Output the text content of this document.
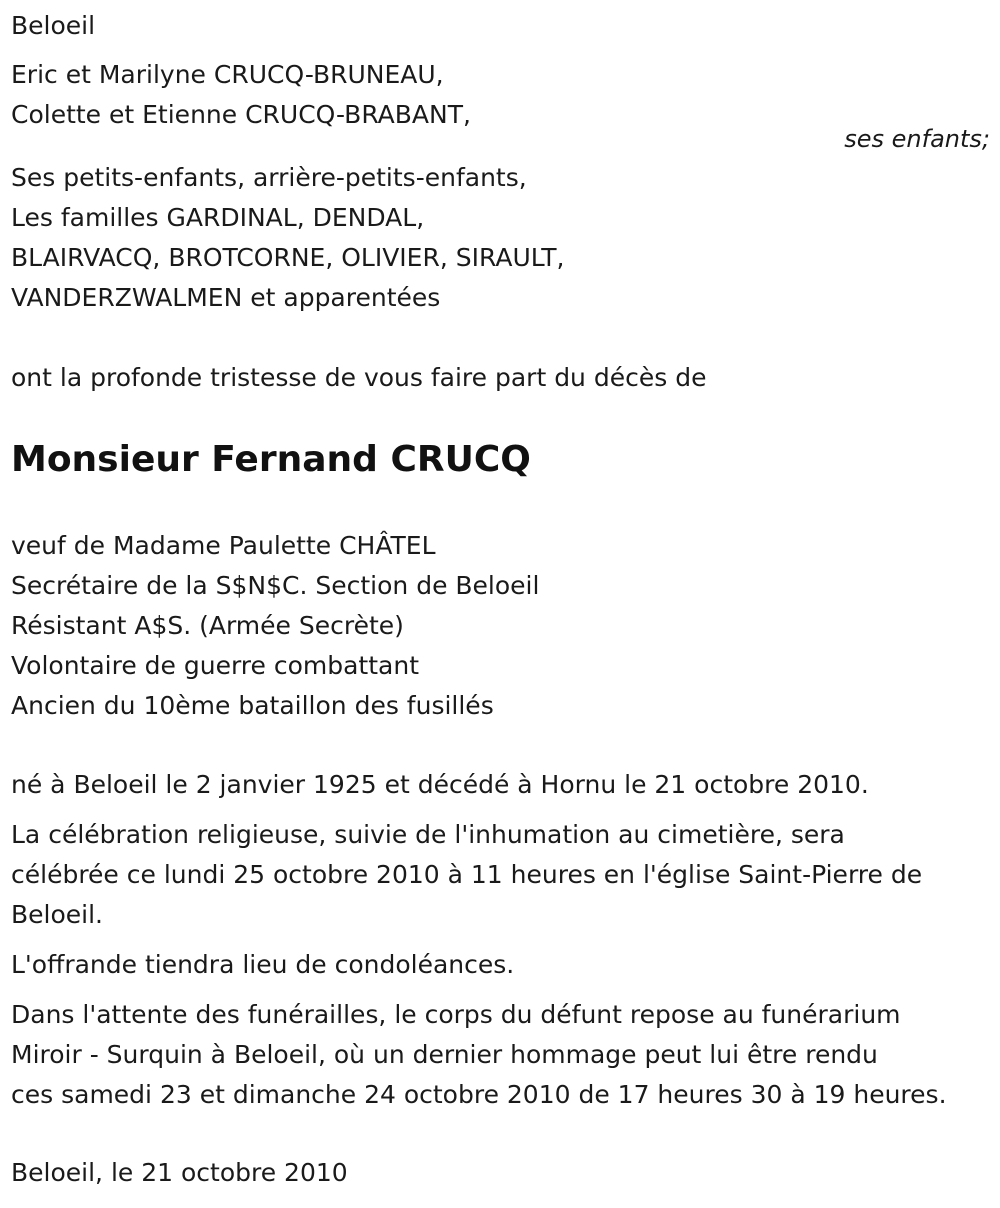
Beloeil
Eric et Marilyne CRUCQ-BRUNEAU,
Colette et Etienne CRUCQ-BRABANT,
ses enfants;
Ses petits-enfants, arrière-petits-enfants,
Les familles GARDINAL, DENDAL,
BLAIRVACQ, BROTCORNE, OLIVIER, SIRAULT,
VANDERZWALMEN et apparentées
ont la profonde tristesse de vous faire part du décès de
Monsieur Fernand CRUCQ
veuf de Madame Paulette CHÂTEL
Secrétaire de la S$N$C. Section de Beloeil
Résistant A$S. (Armée Secrète)
Volontaire de guerre combattant
Ancien du 10ème bataillon des fusillés
né à Beloeil le 2 janvier 1925 et décédé à Hornu le 21 octobre 2010.
La célébration religieuse, suivie de l'inhumation au cimetière, sera
célébrée ce lundi 25 octobre 2010 à 11 heures en l'église Saint-Pierre de
Beloeil.
L'offrande tiendra lieu de condoléances.
Dans l'attente des funérailles, le corps du défunt repose au funérarium
Miroir - Surquin à Beloeil, où un dernier hommage peut lui être rendu
ces samedi 23 et dimanche 24 octobre 2010 de 17 heures 30 à 19 heures.
Beloeil, le 21 octobre 2010
